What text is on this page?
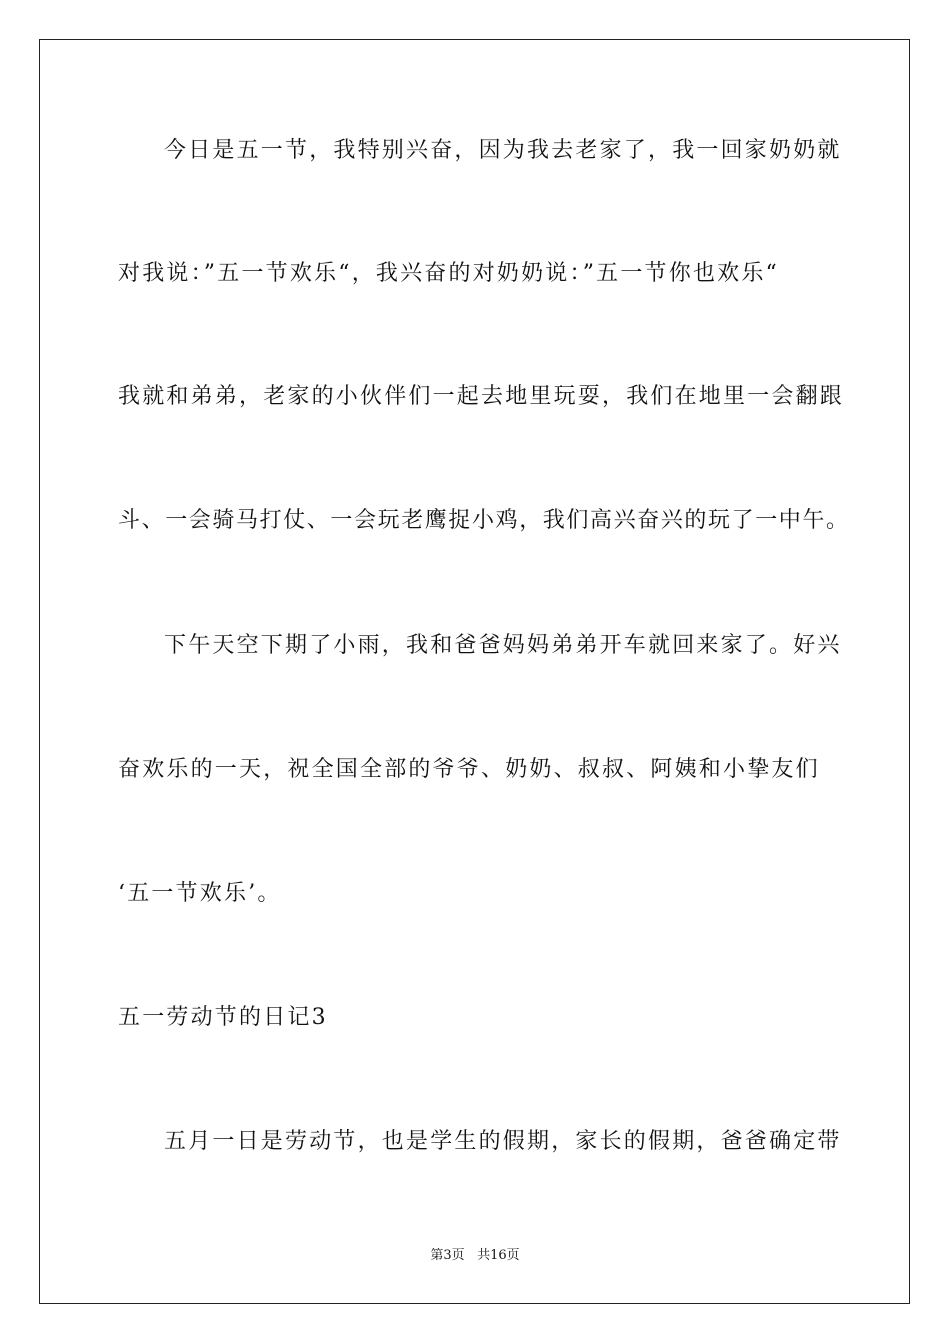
今日是五一节，我特别兴奋，因为我去老家了，我一回家奶奶就
对我说：”五一节欢乐“，我兴奋的对奶奶说：”五一节你也欢乐“
我就和弟弟，老家的小伙伴们一起去地里玩耍，我们在地里一会翻跟
斗、一会骑马打仗、一会玩老鹰捉小鸡，我们高兴奋兴的玩了一中午。
下午天空下期了小雨，我和爸爸妈妈弟弟开车就回来家了。好兴
奋欢乐的一天，祝全国全部的爷爷、奶奶、叔叔、阿姨和小挚友们
‘五一节欢乐’。
五一劳动节的日记3
五月一日是劳动节，也是学生的假期，家长的假期，爸爸确定带
第3页 共16页
